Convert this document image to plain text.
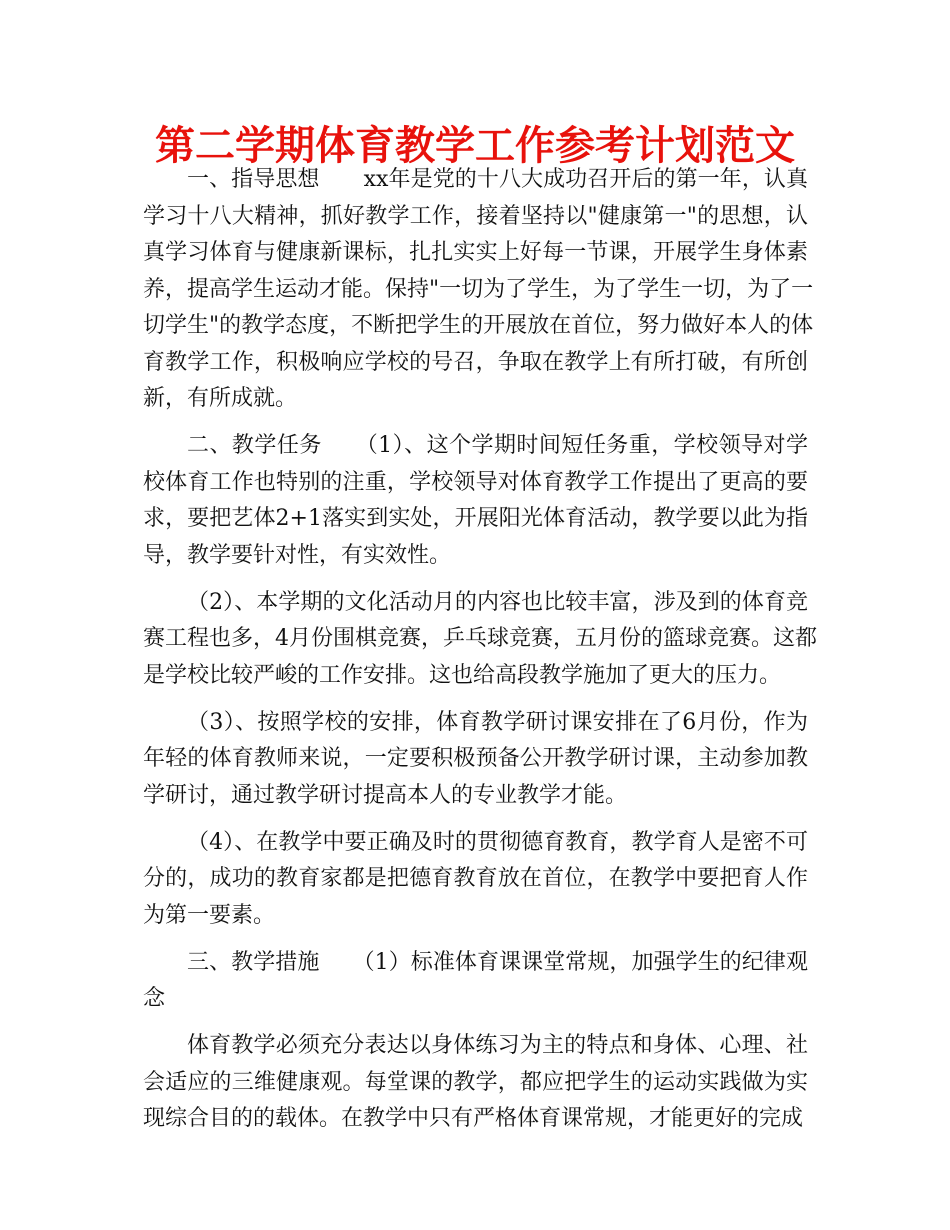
第二学期体育教学工作参考计划范文
一、指导思想　　xx年是党的十八大成功召开后的第一年，认真
学习十八大精神，抓好教学工作，接着坚持以"健康第一"的思想，认
真学习体育与健康新课标，扎扎实实上好每一节课，开展学生身体素
养，提高学生运动才能。保持"一切为了学生，为了学生一切，为了一
切学生"的教学态度，不断把学生的开展放在首位，努力做好本人的体
育教学工作，积极响应学校的号召，争取在教学上有所打破，有所创
新，有所成就。
二、教学任务　　（1）、这个学期时间短任务重，学校领导对学
校体育工作也特别的注重，学校领导对体育教学工作提出了更高的要
求，要把艺体2+1落实到实处，开展阳光体育活动，教学要以此为指
导，教学要针对性，有实效性。
（2）、本学期的文化活动月的内容也比较丰富，涉及到的体育竞
赛工程也多，4月份围棋竞赛，乒乓球竞赛，五月份的篮球竞赛。这都
是学校比较严峻的工作安排。这也给高段教学施加了更大的压力。
（3）、按照学校的安排，体育教学研讨课安排在了6月份，作为
年轻的体育教师来说，一定要积极预备公开教学研讨课，主动参加教
学研讨，通过教学研讨提高本人的专业教学才能。
（4）、在教学中要正确及时的贯彻德育教育，教学育人是密不可
分的，成功的教育家都是把德育教育放在首位，在教学中要把育人作
为第一要素。
三、教学措施　　（1）标准体育课课堂常规，加强学生的纪律观
念
体育教学必须充分表达以身体练习为主的特点和身体、心理、社
会适应的三维健康观。每堂课的教学，都应把学生的运动实践做为实
现综合目的的载体。在教学中只有严格体育课常规，才能更好的完成
